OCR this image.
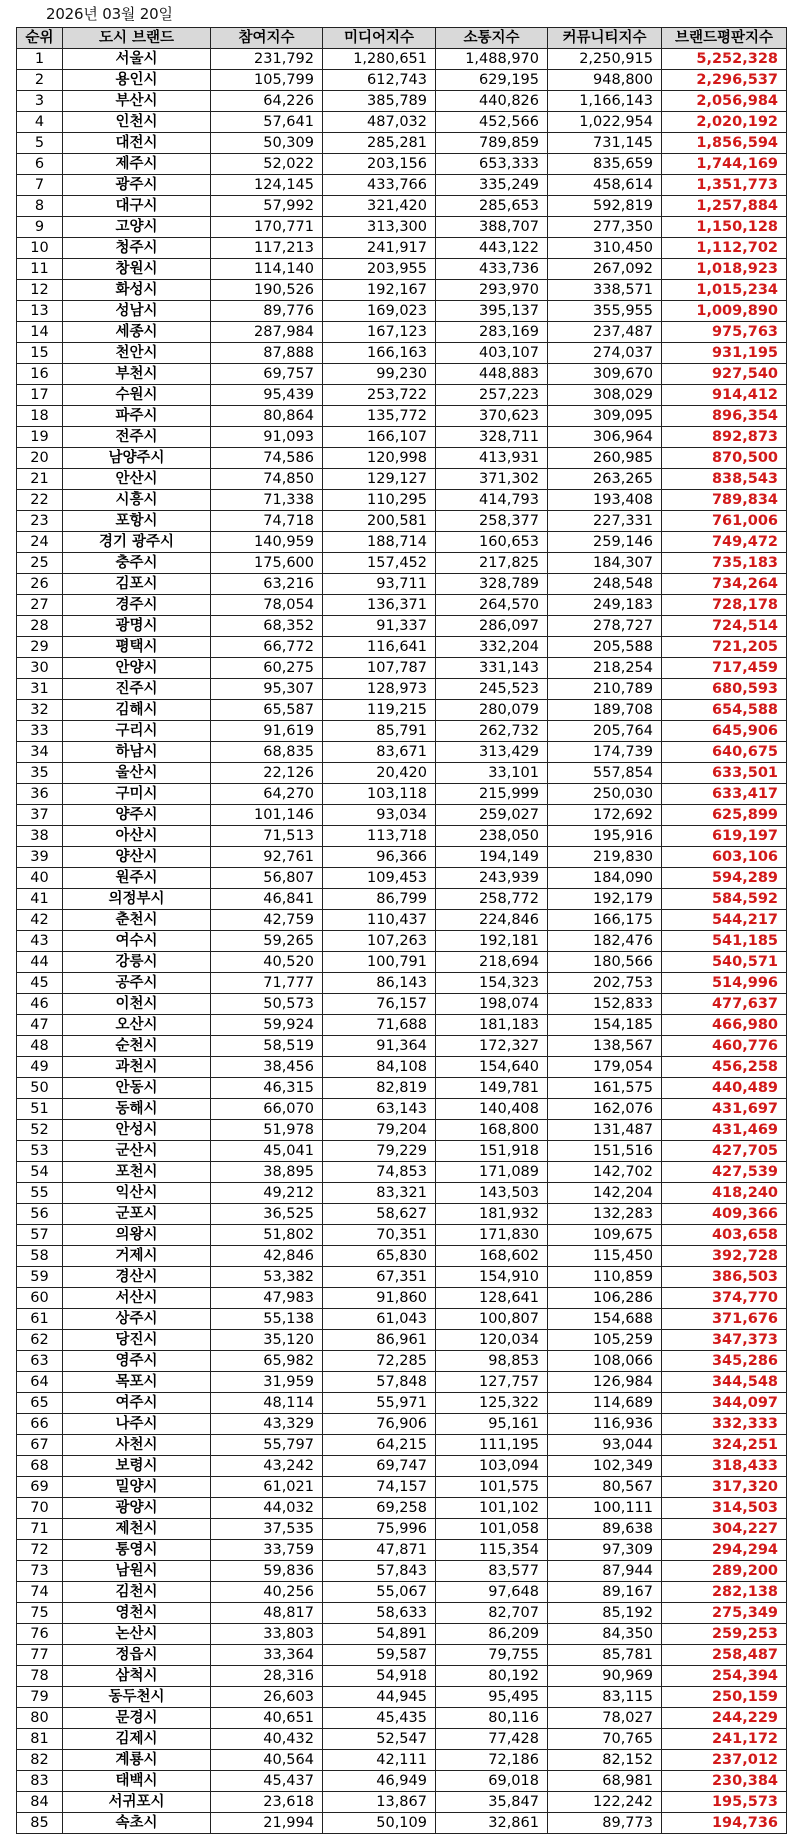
2026년 03월 20일
순위	도시 브랜드	참여지수	미디어지수	소통지수	커뮤니티지수	브랜드평판지수
1	서울시	231,792	1,280,651	1,488,970	2,250,915	5,252,328
2	용인시	105,799	612,743	629,195	948,800	2,296,537
3	부산시	64,226	385,789	440,826	1,166,143	2,056,984
4	인천시	57,641	487,032	452,566	1,022,954	2,020,192
5	대전시	50,309	285,281	789,859	731,145	1,856,594
6	제주시	52,022	203,156	653,333	835,659	1,744,169
7	광주시	124,145	433,766	335,249	458,614	1,351,773
8	대구시	57,992	321,420	285,653	592,819	1,257,884
9	고양시	170,771	313,300	388,707	277,350	1,150,128
10	청주시	117,213	241,917	443,122	310,450	1,112,702
11	창원시	114,140	203,955	433,736	267,092	1,018,923
12	화성시	190,526	192,167	293,970	338,571	1,015,234
13	성남시	89,776	169,023	395,137	355,955	1,009,890
14	세종시	287,984	167,123	283,169	237,487	975,763
15	천안시	87,888	166,163	403,107	274,037	931,195
16	부천시	69,757	99,230	448,883	309,670	927,540
17	수원시	95,439	253,722	257,223	308,029	914,412
18	파주시	80,864	135,772	370,623	309,095	896,354
19	전주시	91,093	166,107	328,711	306,964	892,873
20	남양주시	74,586	120,998	413,931	260,985	870,500
21	안산시	74,850	129,127	371,302	263,265	838,543
22	시흥시	71,338	110,295	414,793	193,408	789,834
23	포항시	74,718	200,581	258,377	227,331	761,006
24	경기 광주시	140,959	188,714	160,653	259,146	749,472
25	충주시	175,600	157,452	217,825	184,307	735,183
26	김포시	63,216	93,711	328,789	248,548	734,264
27	경주시	78,054	136,371	264,570	249,183	728,178
28	광명시	68,352	91,337	286,097	278,727	724,514
29	평택시	66,772	116,641	332,204	205,588	721,205
30	안양시	60,275	107,787	331,143	218,254	717,459
31	진주시	95,307	128,973	245,523	210,789	680,593
32	김해시	65,587	119,215	280,079	189,708	654,588
33	구리시	91,619	85,791	262,732	205,764	645,906
34	하남시	68,835	83,671	313,429	174,739	640,675
35	울산시	22,126	20,420	33,101	557,854	633,501
36	구미시	64,270	103,118	215,999	250,030	633,417
37	양주시	101,146	93,034	259,027	172,692	625,899
38	아산시	71,513	113,718	238,050	195,916	619,197
39	양산시	92,761	96,366	194,149	219,830	603,106
40	원주시	56,807	109,453	243,939	184,090	594,289
41	의정부시	46,841	86,799	258,772	192,179	584,592
42	춘천시	42,759	110,437	224,846	166,175	544,217
43	여수시	59,265	107,263	192,181	182,476	541,185
44	강릉시	40,520	100,791	218,694	180,566	540,571
45	공주시	71,777	86,143	154,323	202,753	514,996
46	이천시	50,573	76,157	198,074	152,833	477,637
47	오산시	59,924	71,688	181,183	154,185	466,980
48	순천시	58,519	91,364	172,327	138,567	460,776
49	과천시	38,456	84,108	154,640	179,054	456,258
50	안동시	46,315	82,819	149,781	161,575	440,489
51	동해시	66,070	63,143	140,408	162,076	431,697
52	안성시	51,978	79,204	168,800	131,487	431,469
53	군산시	45,041	79,229	151,918	151,516	427,705
54	포천시	38,895	74,853	171,089	142,702	427,539
55	익산시	49,212	83,321	143,503	142,204	418,240
56	군포시	36,525	58,627	181,932	132,283	409,366
57	의왕시	51,802	70,351	171,830	109,675	403,658
58	거제시	42,846	65,830	168,602	115,450	392,728
59	경산시	53,382	67,351	154,910	110,859	386,503
60	서산시	47,983	91,860	128,641	106,286	374,770
61	상주시	55,138	61,043	100,807	154,688	371,676
62	당진시	35,120	86,961	120,034	105,259	347,373
63	영주시	65,982	72,285	98,853	108,066	345,286
64	목포시	31,959	57,848	127,757	126,984	344,548
65	여주시	48,114	55,971	125,322	114,689	344,097
66	나주시	43,329	76,906	95,161	116,936	332,333
67	사천시	55,797	64,215	111,195	93,044	324,251
68	보령시	43,242	69,747	103,094	102,349	318,433
69	밀양시	61,021	74,157	101,575	80,567	317,320
70	광양시	44,032	69,258	101,102	100,111	314,503
71	제천시	37,535	75,996	101,058	89,638	304,227
72	통영시	33,759	47,871	115,354	97,309	294,294
73	남원시	59,836	57,843	83,577	87,944	289,200
74	김천시	40,256	55,067	97,648	89,167	282,138
75	영천시	48,817	58,633	82,707	85,192	275,349
76	논산시	33,803	54,891	86,209	84,350	259,253
77	정읍시	33,364	59,587	79,755	85,781	258,487
78	삼척시	28,316	54,918	80,192	90,969	254,394
79	동두천시	26,603	44,945	95,495	83,115	250,159
80	문경시	40,651	45,435	80,116	78,027	244,229
81	김제시	40,432	52,547	77,428	70,765	241,172
82	계룡시	40,564	42,111	72,186	82,152	237,012
83	태백시	45,437	46,949	69,018	68,981	230,384
84	서귀포시	23,618	13,867	35,847	122,242	195,573
85	속초시	21,994	50,109	32,861	89,773	194,736
